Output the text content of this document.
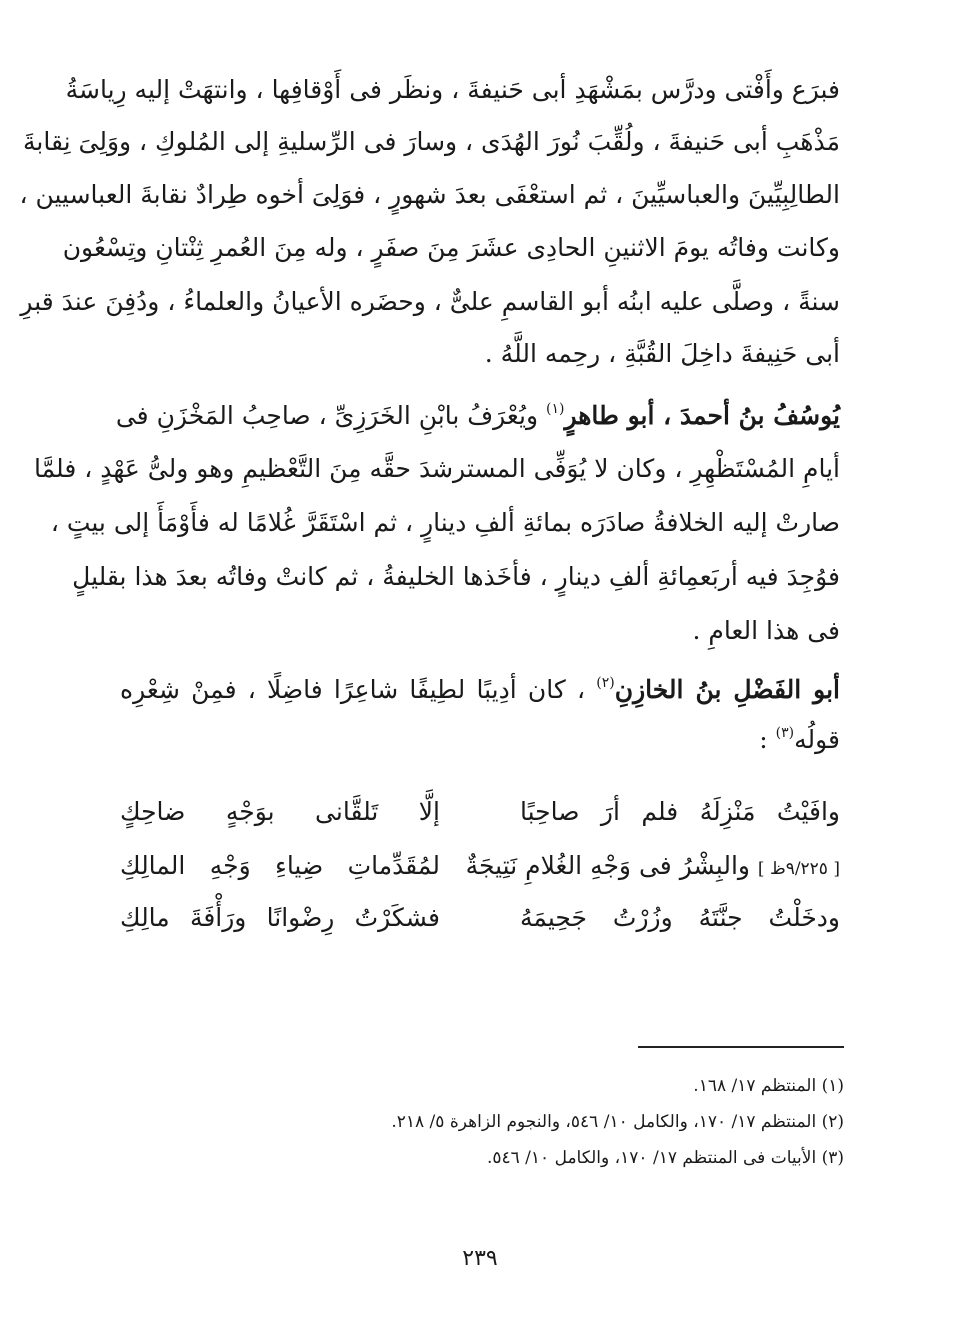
فبرَع وأَفْتى ودرَّس بمَشْهَدِ أبى حَنيفةَ ، ونظَر فى أَوْقافِها ، وانتهَتْ إليه رِياسَةُ
مَذْهَبِ أبى حَنيفةَ ، ولُقِّبَ نُورَ الهُدَى ، وسارَ فى الرِّسليةِ إلى المُلوكِ ، ووَلِىَ نِقابةَ
الطالِبِيِّينَ والعباسيِّينَ ، ثم استعْفَى بعدَ شهورٍ ، فوَلِىَ أخوه طِرادٌ نقابةَ العباسيين ،
وكانت وفاتُه يومَ الاثنينِ الحادِى عشَرَ مِنَ صفَرٍ ، وله مِنَ العُمرِ ثِنْتانِ وتِسْعُون
سنةً ، وصلَّى عليه ابنُه أبو القاسمِ علىٌّ ، وحضَره الأعيانُ والعلماءُ ، ودُفِنَ عندَ قبرِ
أبى حَنِيفةَ داخِلَ القُبَّةِ ، رحِمه اللَّهُ .
يُوسُفُ بنُ أحمدَ ، أبو طاهرٍ$^{(١)}$ ويُعْرَفُ بابْنِ الخَرَزِىِّ ، صاحِبُ المَخْزَنِ فى
أيامِ المُسْتَظْهِرِ ، وكان لا يُوَفِّى المسترشدَ حقَّه مِنَ التَّعْظيمِ وهو ولىُّ عَهْدٍ ، فلمَّا
صارتْ إليه الخلافةُ صادَرَه بمائةِ ألفِ دينارٍ ، ثم اسْتَقَرَّ غُلامًا له فأَوْمَأَ إلى بيتٍ ،
فوُجِدَ فيه أربَعمِائةِ ألفِ دينارٍ ، فأخَذها الخليفةُ ، ثم كانتْ وفاتُه بعدَ هذا بقليلٍ
فى هذا العامِ .
أبو الفَضْلِ بنُ الخازِنِ$^{(٢)}$ ، كان أدِيبًا لطِيفًا شاعِرًا فاضِلًا ، فمِنْ شِعْرِه
قولُه$^{(٣)}$ :
وافَيْتُ مَنْزِلَهُ فلم أرَ صاحِبًا
إلَّا تَلقَّانى بوَجْهٍ ضاحِكٍ
[ ٩/٢٢٥ظ ] والبِشْرُ فى وَجْهِ الغُلامِ نَتِيجَةٌ
لمُقَدِّماتِ ضِياءِ وَجْهِ المالِكِ
ودخَلْتُ جنَّتَهُ وزُرْتُ جَحِيمَهُ
فشكَرْتُ رِضْوانًا ورَأْفَةَ مالِكِ
(١) المنتظم ١٧/ ١٦٨.
(٢) المنتظم ١٧/ ١٧٠، والكامل ١٠/ ٥٤٦، والنجوم الزاهرة ٥/ ٢١٨.
(٣) الأبيات فى المنتظم ١٧/ ١٧٠، والكامل ١٠/ ٥٤٦.
٢٣٩
